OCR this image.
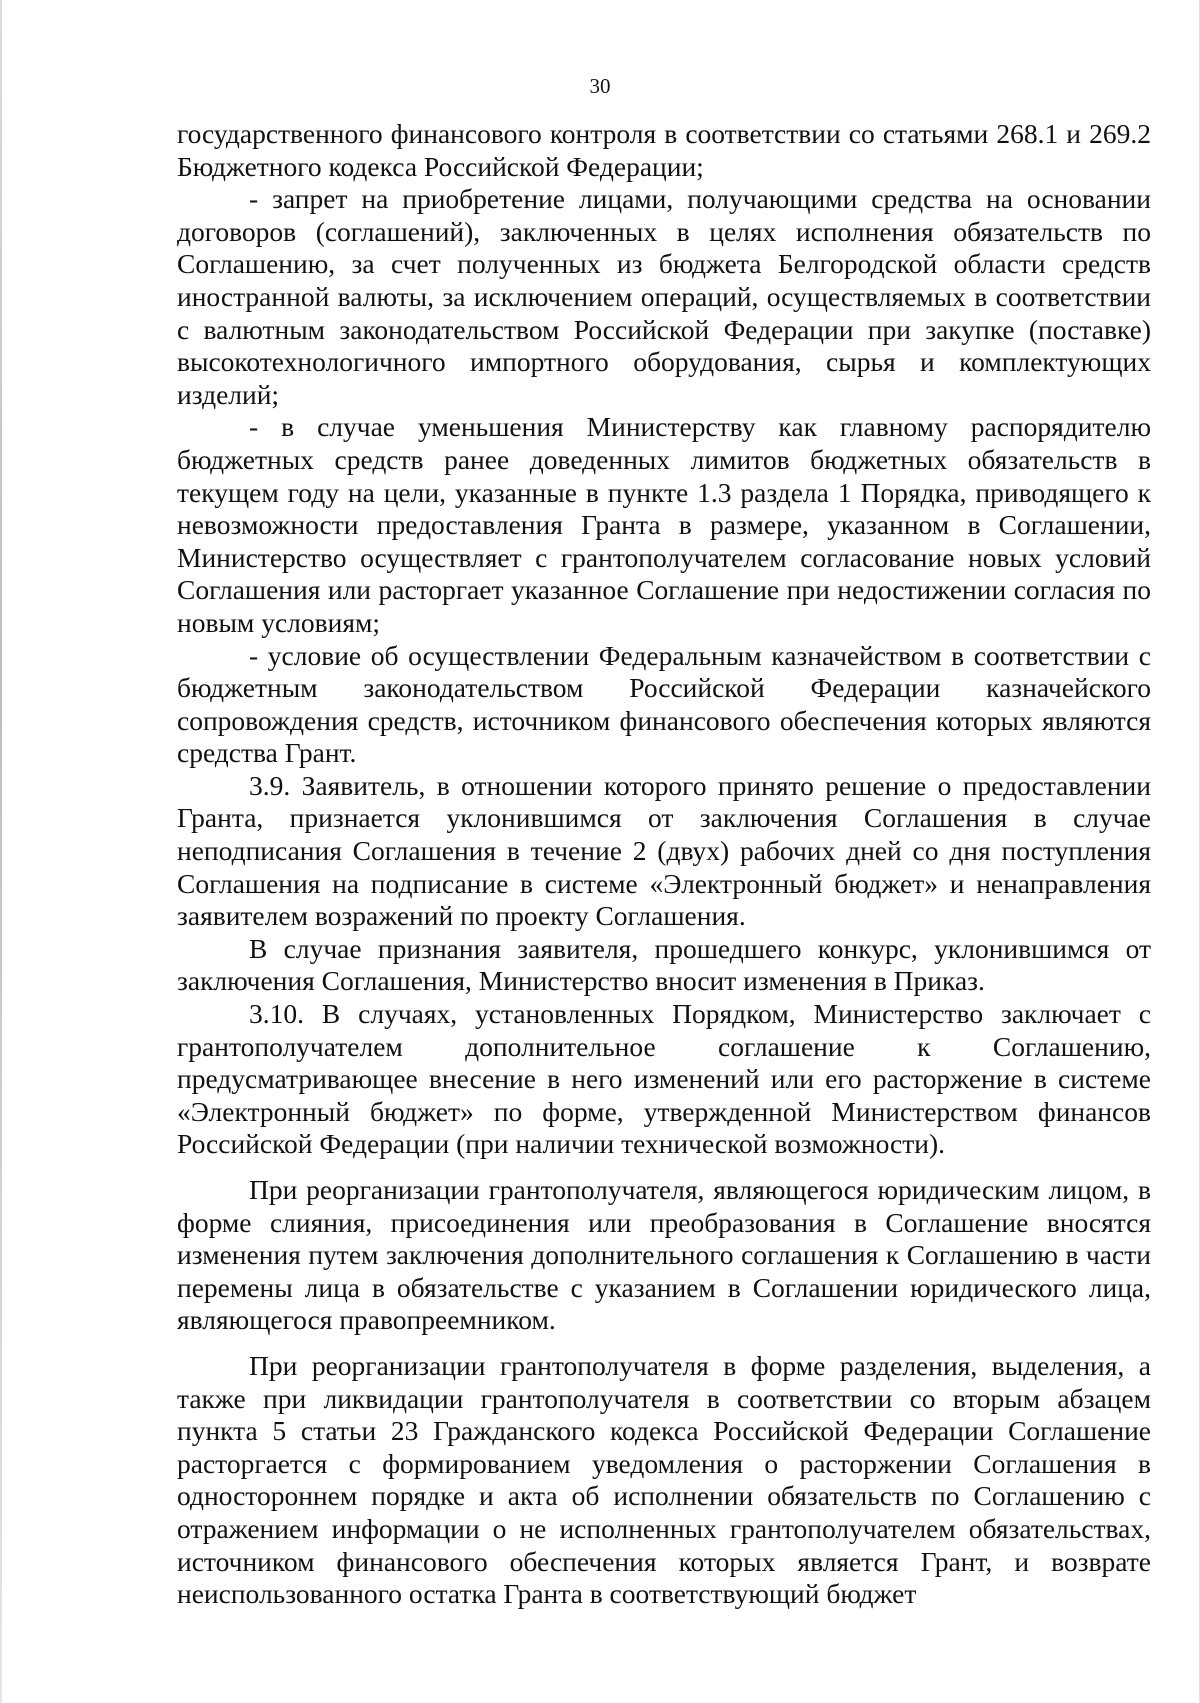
30

государственного финансового контроля в соответствии со статьями 268.1 и 269.2 Бюджетного кодекса Российской Федерации;

- запрет на приобретение лицами, получающими средства на основании договоров (соглашений), заключенных в целях исполнения обязательств по Соглашению, за счет полученных из бюджета Белгородской области средств иностранной валюты, за исключением операций, осуществляемых в соответствии с валютным законодательством Российской Федерации при закупке (поставке) высокотехнологичного импортного оборудования, сырья и комплектующих изделий;

- в случае уменьшения Министерству как главному распорядителю бюджетных средств ранее доведенных лимитов бюджетных обязательств в текущем году на цели, указанные в пункте 1.3 раздела 1 Порядка, приводящего к невозможности предоставления Гранта в размере, указанном в Соглашении, Министерство осуществляет с грантополучателем согласование новых условий Соглашения или расторгает указанное Соглашение при недостижении согласия по новым условиям;

- условие об осуществлении Федеральным казначейством в соответствии с бюджетным законодательством Российской Федерации казначейского сопровождения средств, источником финансового обеспечения которых являются средства Грант.

3.9. Заявитель, в отношении которого принято решение о предоставлении Гранта, признается уклонившимся от заключения Соглашения в случае неподписания Соглашения в течение 2 (двух) рабочих дней со дня поступления Соглашения на подписание в системе «Электронный бюджет» и ненаправления заявителем возражений по проекту Соглашения.

В случае признания заявителя, прошедшего конкурс, уклонившимся от заключения Соглашения, Министерство вносит изменения в Приказ.

3.10. В случаях, установленных Порядком, Министерство заключает с грантополучателем дополнительное соглашение к Соглашению, предусматривающее внесение в него изменений или его расторжение в системе «Электронный бюджет» по форме, утвержденной Министерством финансов Российской Федерации (при наличии технической возможности).

При реорганизации грантополучателя, являющегося юридическим лицом, в форме слияния, присоединения или преобразования в Соглашение вносятся изменения путем заключения дополнительного соглашения к Соглашению в части перемены лица в обязательстве с указанием в Соглашении юридического лица, являющегося правопреемником.

При реорганизации грантополучателя в форме разделения, выделения, а также при ликвидации грантополучателя в соответствии со вторым абзацем пункта 5 статьи 23 Гражданского кодекса Российской Федерации Соглашение расторгается с формированием уведомления о расторжении Соглашения в одностороннем порядке и акта об исполнении обязательств по Соглашению с отражением информации о не исполненных грантополучателем обязательствах, источником финансового обеспечения которых является Грант, и возврате неиспользованного остатка Гранта в соответствующий бюджет
